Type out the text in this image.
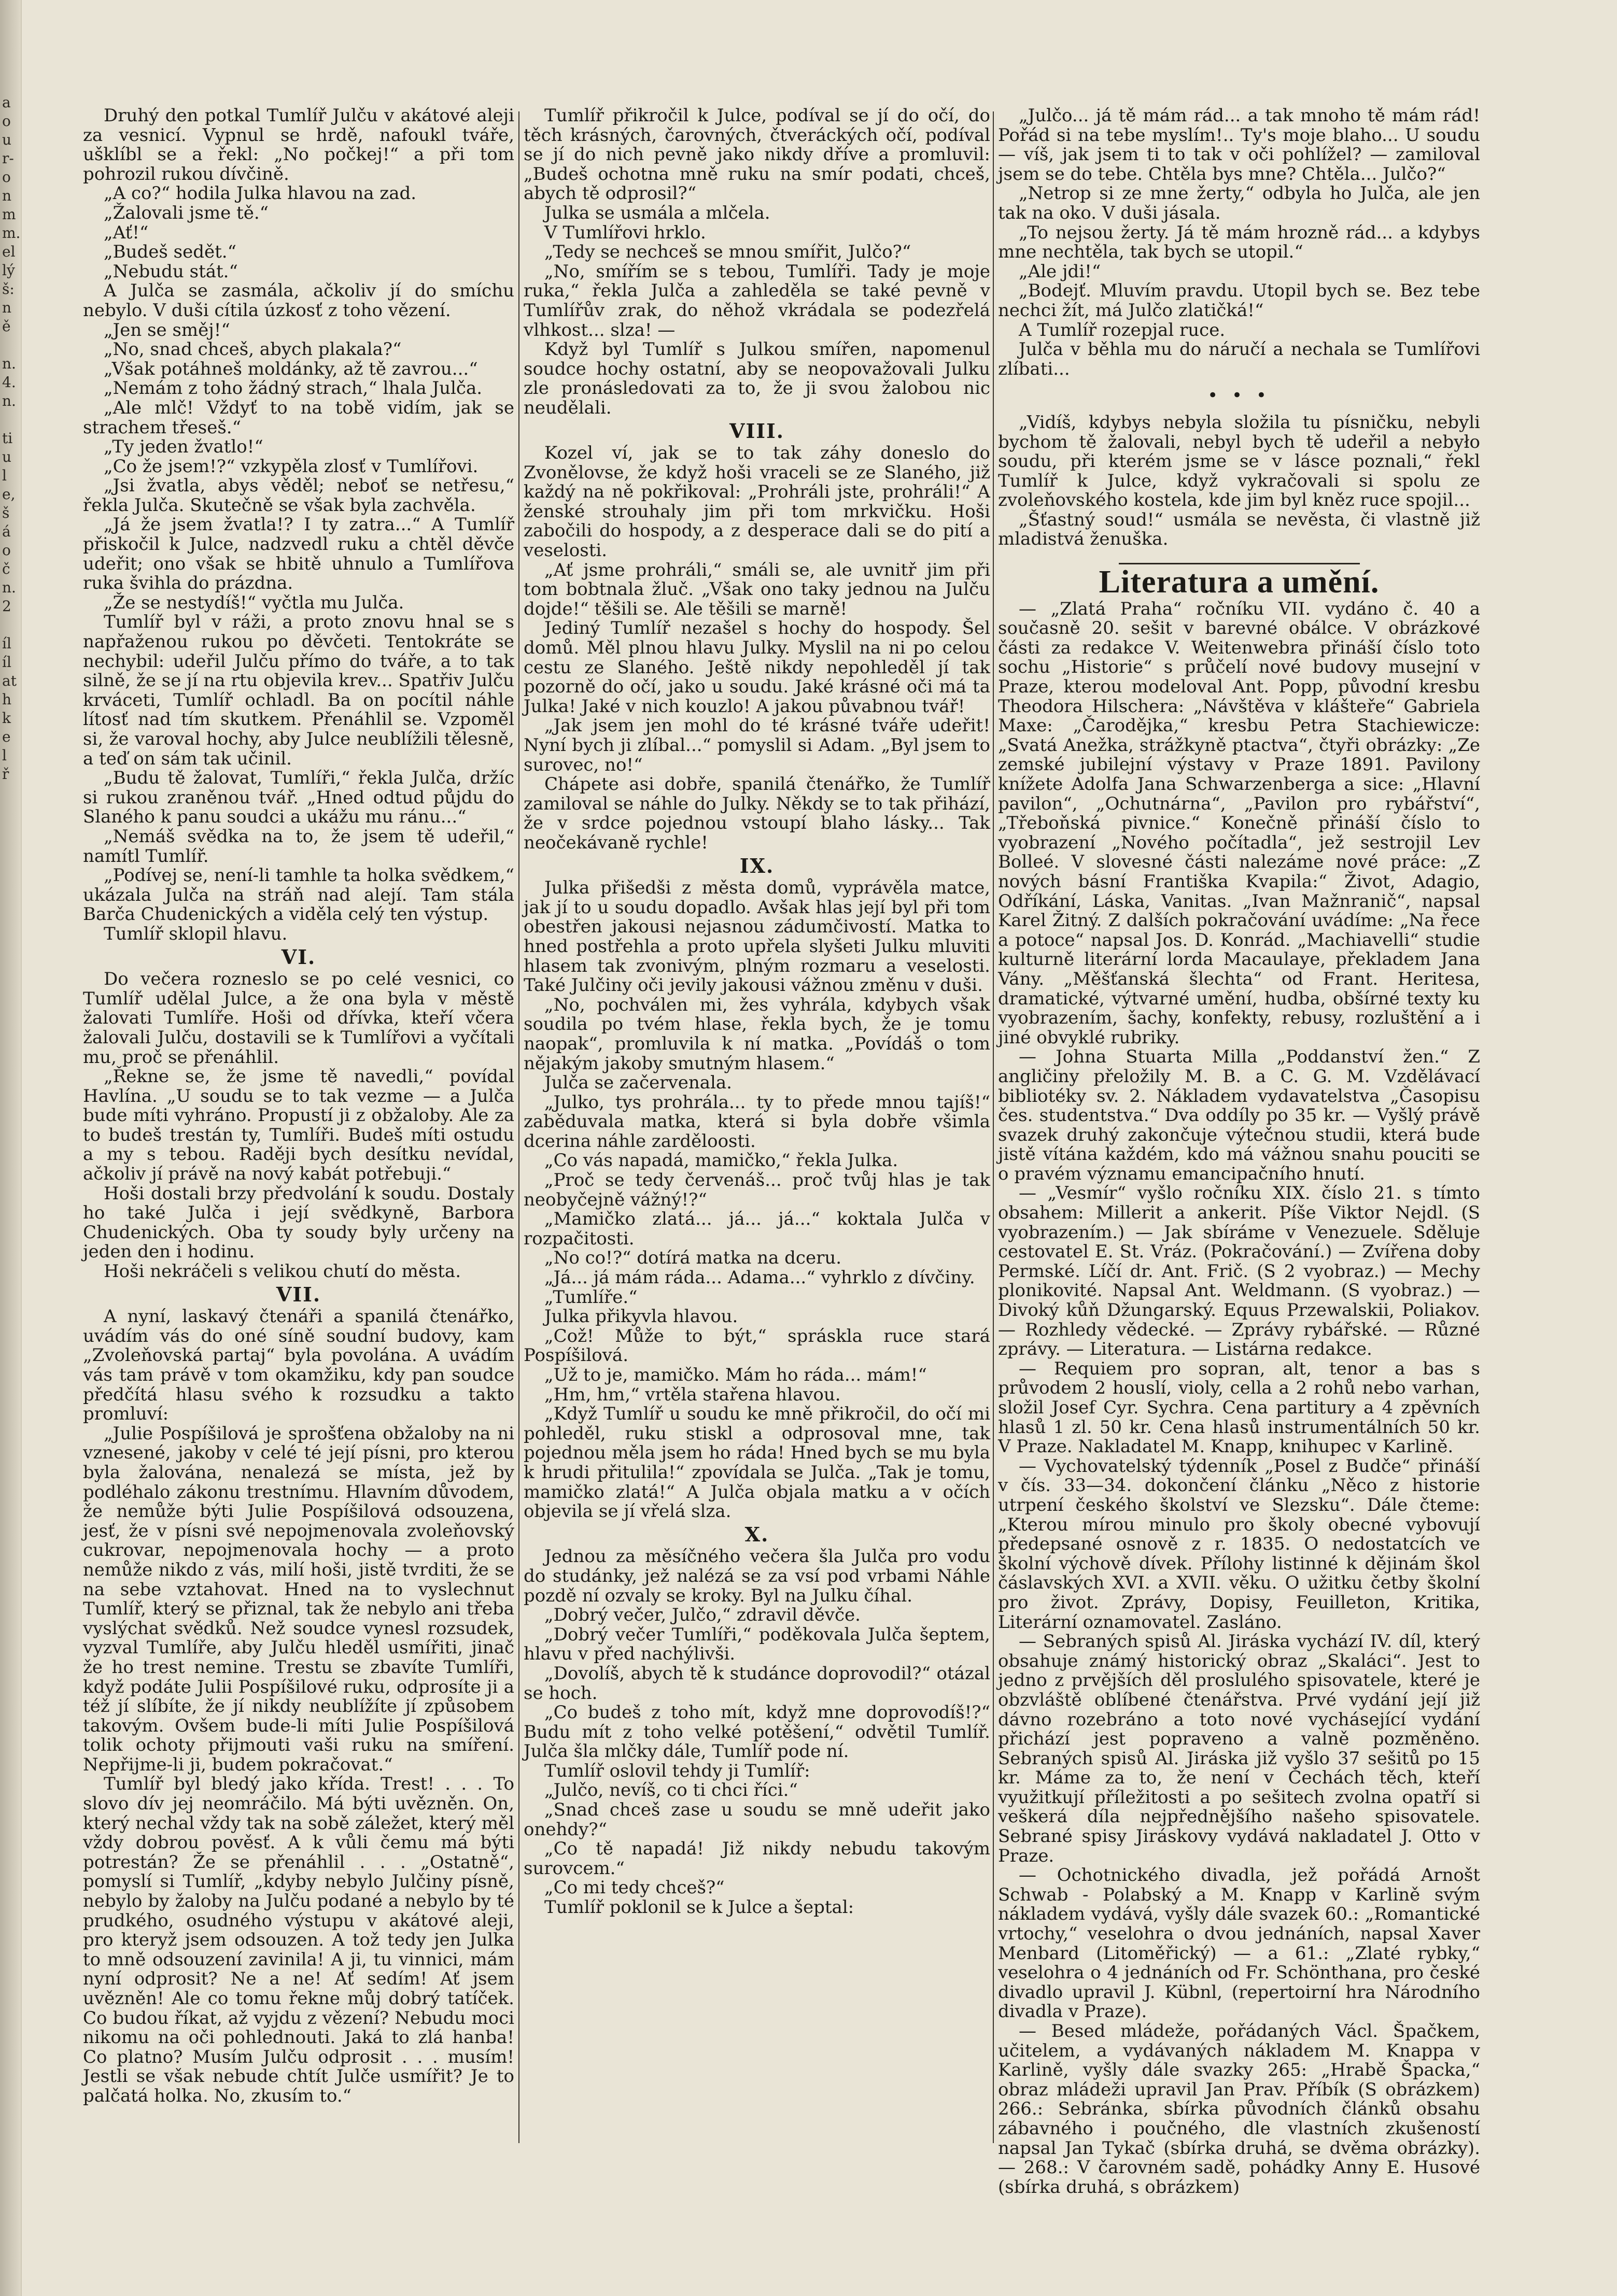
a
ou
r-
on
m
m.
el
lý
š:
ně

n.
4.
n.

ti
u
l
e,
šá
o
č
n.
2

íl
íl
at
h
k
e
l
ř

Druhý den potkal Tumlíř Julču v akátové aleji za vesnicí. Vypnul se hrdě, nafoukl tváře, ušklíbl se a řekl: „No počkej!“ a při tom pohrozil rukou dívčině.

„A co?“ hodila Julka hlavou na zad.

„Žalovali jsme tě.“

„Ať!“

„Budeš sedět.“

„Nebudu stát.“

A Julča se zasmála, ačkoliv jí do smíchu nebylo. V duši cítila úzkosť z toho vězení.

„Jen se směj!“

„No, snad chceš, abych plakala?“

„Však potáhneš moldánky, až tě zavrou...“

„Nemám z toho žádný strach,“ lhala Julča.

„Ale mlč! Vždyť to na tobě vidím, jak se strachem třeseš.“

„Ty jeden žvatlo!“

„Co že jsem!?“ vzkypěla zlosť v Tumlířovi.

„Jsi žvatla, abys věděl; neboť se netřesu,“ řekla Julča. Skutečně se však byla zachvěla.

„Já že jsem žvatla!? I ty zatra...“ A Tumlíř přiskočil k Julce, nadzvedl ruku a chtěl děvče udeřit; ono však se hbitě uhnulo a Tumlířova ruka švihla do prázdna.

„Že se nestydíš!“ vyčtla mu Julča.

Tumlíř byl v ráži, a proto znovu hnal se s napřaženou rukou po děvčeti. Tentokráte se nechybil: udeřil Julču přímo do tváře, a to tak silně, že se jí na rtu objevila krev... Spatřiv Julču krváceti, Tumlíř ochladl. Ba on pocítil náhle lítosť nad tím skutkem. Přenáhlil se. Vzpoměl si, že varoval hochy, aby Julce neublížili tělesně, a teď on sám tak učinil.

„Budu tě žalovat, Tumlíři,“ řekla Julča, držíc si rukou zraněnou tvář. „Hned odtud půjdu do Slaného k panu soudci a ukážu mu ránu...“

„Nemáš svědka na to, že jsem tě udeřil,“ namítl Tumlíř.

„Podívej se, není-li tamhle ta holka svědkem,“ ukázala Julča na stráň nad alejí. Tam stála Barča Chudenických a viděla celý ten výstup.

Tumlíř sklopil hlavu.

VI.

Do večera rozneslo se po celé vesnici, co Tumlíř udělal Julce, a že ona byla v městě žalovati Tumlíře. Hoši od dřívka, kteří včera žalovali Julču, dostavili se k Tumlířovi a vyčítali mu, proč se přenáhlil.

„Řekne se, že jsme tě navedli,“ povídal Havlína. „U soudu se to tak vezme — a Julča bude míti vyhráno. Propustí ji z obžaloby. Ale za to budeš trestán ty, Tumlíři. Budeš míti ostudu a my s tebou. Raději bych desítku nevídal, ačkoliv jí právě na nový kabát potřebuji.“

Hoši dostali brzy předvolání k soudu. Dostaly ho také Julča i její svědkyně, Barbora Chudenických. Oba ty soudy byly určeny na jeden den i hodinu.

Hoši nekráčeli s velikou chutí do města.

VII.

A nyní, laskavý čtenáři a spanilá čtenářko, uvádím vás do oné síně soudní budovy, kam „Zvoleňovská partaj“ byla povolána. A uvádím vás tam právě v tom okamžiku, kdy pan soudce předčítá hlasu svého k rozsudku a takto promluví:

„Julie Pospíšilová je sprošťena obžaloby na ni vznesené, jakoby v celé té její písni, pro kterou byla žalována, nenalezá se místa, jež by podléhalo zákonu trestnímu. Hlavním důvodem, že nemůže býti Julie Pospíšilová odsouzena, jesť, že v písni své nepojmenovala zvoleňovský cukrovar, nepojmenovala hochy — a proto nemůže nikdo z vás, milí hoši, jistě tvrditi, že se na sebe vztahovat. Hned na to vyslechnut Tumlíř, který se přiznal, tak že nebylo ani třeba vyslýchat svědků. Než soudce vynesl rozsudek, vyzval Tumlíře, aby Julču hleděl usmířiti, jinač že ho trest nemine. Trestu se zbavíte Tumlíři, když podáte Julii Pospíšilové ruku, odprosíte ji a též jí slíbíte, že jí nikdy neublížíte jí způsobem takovým. Ovšem bude-li míti Julie Pospíšilová tolik ochoty přijmouti vaši ruku na smíření. Nepřijme-li ji, budem pokračovat.“

Tumlíř byl bledý jako křída. Trest! . . . To slovo dív jej neomráčilo. Má býti uvězněn. On, který nechal vždy tak na sobě záležet, který měl vždy dobrou pověsť. A k vůli čemu má býti potrestán? Že se přenáhlil . . . „Ostatně“, pomyslí si Tumlíř, „kdyby nebylo Julčiny písně, nebylo by žaloby na Julču podané a nebylo by té prudkého, osudného výstupu v akátové aleji, pro kteryž jsem odsouzen. A tož tedy jen Julka to mně odsouzení zavinila! A ji, tu vinnici, mám nyní odprosit? Ne a ne! Ať sedím! Ať jsem uvězněn! Ale co tomu řekne můj dobrý tatíček. Co budou říkat, až vyjdu z vězení? Nebudu moci nikomu na oči pohlednouti. Jaká to zlá hanba! Co platno? Musím Julču odprosit . . . musím! Jestli se však nebude chtít Julče usmířit? Je to palčatá holka. No, zkusím to.“

Tumlíř přikročil k Julce, podíval se jí do očí, do těch krásných, čarovných, čtveráckých očí, podíval se jí do nich pevně jako nikdy dříve a promluvil: „Budeš ochotna mně ruku na smír podati, chceš, abych tě odprosil?“

Julka se usmála a mlčela.

V Tumlířovi hrklo.

„Tedy se nechceš se mnou smířit, Julčo?“

„No, smířím se s tebou, Tumlíři. Tady je moje ruka,“ řekla Julča a zahleděla se také pevně v Tumlířův zrak, do něhož vkrádala se podezřelá vlhkost... slza! —

Když byl Tumlíř s Julkou smířen, napomenul soudce hochy ostatní, aby se neopovažovali Julku zle pronásledovati za to, že ji svou žalobou nic neudělali.

VIII.

Kozel ví, jak se to tak záhy doneslo do Zvonělovse, že když hoši vraceli se ze Slaného, již každý na ně pokřikoval: „Prohráli jste, prohráli!“ A ženské strouhaly jim při tom mrkvičku. Hoši zabočili do hospody, a z desperace dali se do pití a veselosti.

„Ať jsme prohráli,“ smáli se, ale uvnitř jim při tom bobtnala žluč. „Však ono taky jednou na Julču dojde!“ těšili se. Ale těšili se marně!

Jediný Tumlíř nezašel s hochy do hospody. Šel domů. Měl plnou hlavu Julky. Myslil na ni po celou cestu ze Slaného. Ještě nikdy nepohleděl jí tak pozorně do očí, jako u soudu. Jaké krásné oči má ta Julka! Jaké v nich kouzlo! A jakou půvabnou tvář!

„Jak jsem jen mohl do té krásné tváře udeřit! Nyní bych ji zlíbal...“ pomyslil si Adam. „Byl jsem to surovec, no!“

Chápete asi dobře, spanilá čtenářko, že Tumlíř zamiloval se náhle do Julky. Někdy se to tak přihází, že v srdce pojednou vstoupí blaho lásky... Tak neočekávaně rychle!

IX.

Julka přišedši z města domů, vyprávěla matce, jak jí to u soudu dopadlo. Avšak hlas její byl při tom obestřen jakousi nejasnou zádumčivostí. Matka to hned postřehla a proto upřela slyšeti Julku mluviti hlasem tak zvonivým, plným rozmaru a veselosti. Také Julčiny oči jevily jakousi vážnou změnu v duši.

„No, pochválen mi, žes vyhrála, kdybych však soudila po tvém hlase, řekla bych, že je tomu naopak“, promluvila k ní matka. „Povídáš o tom nějakým jakoby smutným hlasem.“

Julča se začervenala.

„Julko, tys prohrála... ty to přede mnou tajíš!“ zaběduvala matka, která si byla dobře všimla dcerina náhle zarděloosti.

„Co vás napadá, mamičko,“ řekla Julka.

„Proč se tedy červenáš... proč tvůj hlas je tak neobyčejně vážný!?“

„Mamičko zlatá... já... já...“ koktala Julča v rozpačitosti.

„No co!?“ dotírá matka na dceru.

„Já... já mám ráda... Adama...“ vyhrklo z dívčiny.

„Tumlíře.“

Julka přikyvla hlavou.

„Což! Může to být,“ spráskla ruce stará Pospíšilová.

„Už to je, mamičko. Mám ho ráda... mám!“

„Hm, hm,“ vrtěla stařena hlavou.

„Když Tumlíř u soudu ke mně přikročil, do očí mi pohleděl, ruku stiskl a odprosoval mne, tak pojednou měla jsem ho ráda! Hned bych se mu byla k hrudi přitulila!“ zpovídala se Julča. „Tak je tomu, mamičko zlatá!“ A Julča objala matku a v očích objevila se jí vřelá slza.

X.

Jednou za měsíčného večera šla Julča pro vodu do studánky, jež nalézá se za vsí pod vrbami Náhle pozdě ní ozvaly se kroky. Byl na Julku číhal.

„Dobrý večer, Julčo,“ zdravil děvče.

„Dobrý večer Tumlíři,“ poděkovala Julča šeptem, hlavu v před nachýlivši.

„Dovolíš, abych tě k studánce doprovodil?“ otázal se hoch.

„Co budeš z toho mít, když mne doprovodíš!?“ Budu mít z toho velké potěšení,“ odvětil Tumlíř. Julča šla mlčky dále, Tumlíř pode ní.

Tumlíř oslovil tehdy ji Tumlíř:

„Julčo, nevíš, co ti chci říci.“

„Snad chceš zase u soudu se mně udeřit jako onehdy?“

„Co tě napadá! Již nikdy nebudu takovým surovcem.“

„Co mi tedy chceš?“

Tumlíř poklonil se k Julce a šeptal:

„Julčo... já tě mám rád... a tak mnoho tě mám rád! Pořád si na tebe myslím!.. Ty's moje blaho... U soudu — víš, jak jsem ti to tak v oči pohlížel? — zamiloval jsem se do tebe. Chtěla bys mne? Chtěla... Julčo?“

„Netrop si ze mne žerty,“ odbyla ho Julča, ale jen tak na oko. V duši jásala.

„To nejsou žerty. Já tě mám hrozně rád... a kdybys mne nechtěla, tak bych se utopil.“

„Ale jdi!“

„Bodejť. Mluvím pravdu. Utopil bych se. Bez tebe nechci žít, má Julčo zlatičká!“

A Tumlíř rozepjal ruce.

Julča v běhla mu do náručí a nechala se Tumlířovi zlíbati...

• • •

„Vidíš, kdybys nebyla složila tu písničku, nebyli bychom tě žalovali, nebyl bych tě udeřil a nebyło soudu, při kterém jsme se v lásce poznali,“ řekl Tumlíř k Julce, když vykračovali si spolu ze zvoleňovského kostela, kde jim byl kněz ruce spojil...

„Šťastný soud!“ usmála se nevěsta, či vlastně již mladistvá ženuška.

Literatura a umění.

— „Zlatá Praha“ ročníku VII. vydáno č. 40 a současně 20. sešit v barevné obálce. V obrázkové části za redakce V. Weitenwebra přináší číslo toto sochu „Historie“ s průčelí nové budovy musejní v Praze, kterou modeloval Ant. Popp, původní kresbu Theodora Hilschera: „Návštěva v klášteře“ Gabriela Maxe: „Čarodějka,“ kresbu Petra Stachiewicze: „Svatá Anežka, strážkyně ptactva“, čtyři obrázky: „Ze zemské jubilejní výstavy v Praze 1891. Pavilony knížete Adolfa Jana Schwarzenberga a sice: „Hlavní pavilon“, „Ochutnárna“, „Pavilon pro rybářství“, „Třeboňská pivnice.“ Konečně přináší číslo to vyobrazení „Nového počítadla“, jež sestrojil Lev Bolleé. V slovesné části nalezáme nové práce: „Z nových básní Františka Kvapila:“ Život, Adagio, Odříkání, Láska, Vanitas. „Ivan Mažnranič“, napsal Karel Žitný. Z dalších pokračování uvádíme: „Na řece a potoce“ napsal Jos. D. Konrád. „Machiavelli“ studie kulturně literární lorda Macaulaye, překladem Jana Vány. „Měšťanská šlechta“ od Frant. Heritesa, dramatické, výtvarné umění, hudba, obšírné texty ku vyobrazením, šachy, konfekty, rebusy, rozluštění a i jiné obvyklé rubriky.

— Johna Stuarta Milla „Poddanství žen.“ Z angličiny přeložily M. B. a C. G. M. Vzdělávací bibliotéky sv. 2. Nákladem vydavatelstva „Časopisu čes. studentstva.“ Dva oddíly po 35 kr. — Vyšlý právě svazek druhý zakončuje výtečnou studii, která bude jistě vítána každém, kdo má vážnou snahu pouciti se o pravém významu emancipačního hnutí.

— „Vesmír“ vyšlo ročníku XIX. číslo 21. s tímto obsahem: Millerit a ankerit. Píše Viktor Nejdl. (S vyobrazením.) — Jak sbíráme v Venezuele. Sděluje cestovatel E. St. Vráz. (Pokračování.) — Zvířena doby Permské. Líčí dr. Ant. Frič. (S 2 vyobraz.) — Mechy plonikovité. Napsal Ant. Weldmann. (S vyobraz.) — Divoký kůň Džungarský. Equus Przewalskii, Poliakov. — Rozhledy vědecké. — Zprávy rybářské. — Různé zprávy. — Literatura. — Listárna redakce.

— Requiem pro sopran, alt, tenor a bas s průvodem 2 houslí, violy, cella a 2 rohů nebo varhan, složil Josef Cyr. Sychra. Cena partitury a 4 zpěvních hlasů 1 zl. 50 kr. Cena hlasů instrumentálních 50 kr. V Praze. Nakladatel M. Knapp, knihupec v Karlině.

— Vychovatelský týdenník „Posel z Budče“ přináší v čís. 33—34. dokončení článku „Něco z historie utrpení českého školství ve Slezsku“. Dále čteme: „Kterou mírou minulo pro školy obecné vybovují předepsané osnově z r. 1835. O nedostatcích ve školní výchově dívek. Přílohy listinné k dějinám škol čáslavských XVI. a XVII. věku. O užitku četby školní pro život. Zprávy, Dopisy, Feuilleton, Kritika, Literární oznamovatel. Zasláno.

— Sebraných spisů Al. Jiráska vychází IV. díl, který obsahuje známý historický obraz „Skaláci“. Jest to jedno z prvějších děl proslulého spisovatele, které je obzvláště oblíbené čtenářstva. Prvé vydání její již dávno rozebráno a toto nové vychásející vydání přichází jest popraveno a valně pozměněno. Sebraných spisů Al. Jiráska již vyšlo 37 sešitů po 15 kr. Máme za to, že není v Čechách těch, kteří využitkují příležitosti a po sešitech zvolna opatří si veškerá díla nejpřednějšího našeho spisovatele. Sebrané spisy Jiráskovy vydává nakladatel J. Otto v Praze.

— Ochotnického divadla, jež pořádá Arnošt Schwab - Polabský a M. Knapp v Karlině svým nákladem vydává, vyšly dále svazek 60.: „Romantické vrtochy,“ veselohra o dvou jednáních, napsal Xaver Menbard (Litoměřický) — a 61.: „Zlaté rybky,“ veselohra o 4 jednáních od Fr. Schönthana, pro české divadlo upravil J. Kübnl, (repertoirní hra Národního divadla v Praze).

— Besed mládeže, pořádaných Václ. Špačkem, učitelem, a vydávaných nákladem M. Knappa v Karlině, vyšly dále svazky 265: „Hrabě Špacka,“ obraz mládeži upravil Jan Prav. Příbík (S obrázkem) 266.: Sebránka, sbírka původních článků obsahu zábavného i poučného, dle vlastních zkušeností napsal Jan Tykač (sbírka druhá, se dvěma obrázky). — 268.: V čarovném sadě, pohádky Anny E. Husové (sbírka druhá, s obrázkem)
